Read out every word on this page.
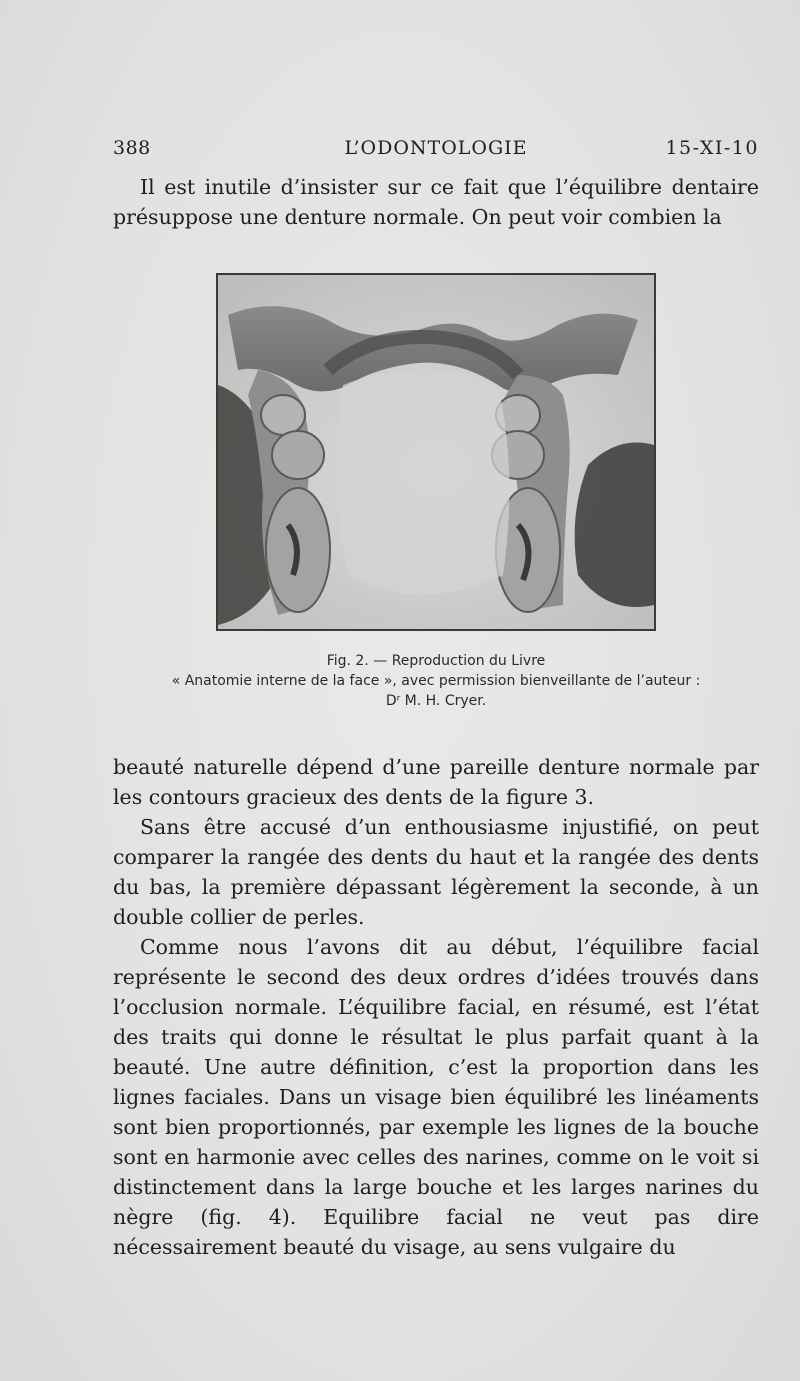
388	L’ODONTOLOGIE	15-XI-10

Il est inutile d’insister sur ce fait que l’équilibre dentaire présuppose une denture normale. On peut voir combien la

Fig. 2. — Reproduction du Livre
« Anatomie interne de la face », avec permission bienveillante de l’auteur :
Dʳ M. H. Cryer.

beauté naturelle dépend d’une pareille denture normale par les contours gracieux des dents de la figure 3.

Sans être accusé d’un enthousiasme injustifié, on peut comparer la rangée des dents du haut et la rangée des dents du bas, la première dépassant légèrement la seconde, à un double collier de perles.

Comme nous l’avons dit au début, l’équilibre facial représente le second des deux ordres d’idées trouvés dans l’occlusion normale. L’équilibre facial, en résumé, est l’état des traits qui donne le résultat le plus parfait quant à la beauté. Une autre définition, c’est la proportion dans les lignes faciales. Dans un visage bien équilibré les linéaments sont bien proportionnés, par exemple les lignes de la bouche sont en harmonie avec celles des narines, comme on le voit si distinctement dans la large bouche et les larges narines du nègre (fig. 4). Equilibre facial ne veut pas dire nécessairement beauté du visage, au sens vulgaire du
